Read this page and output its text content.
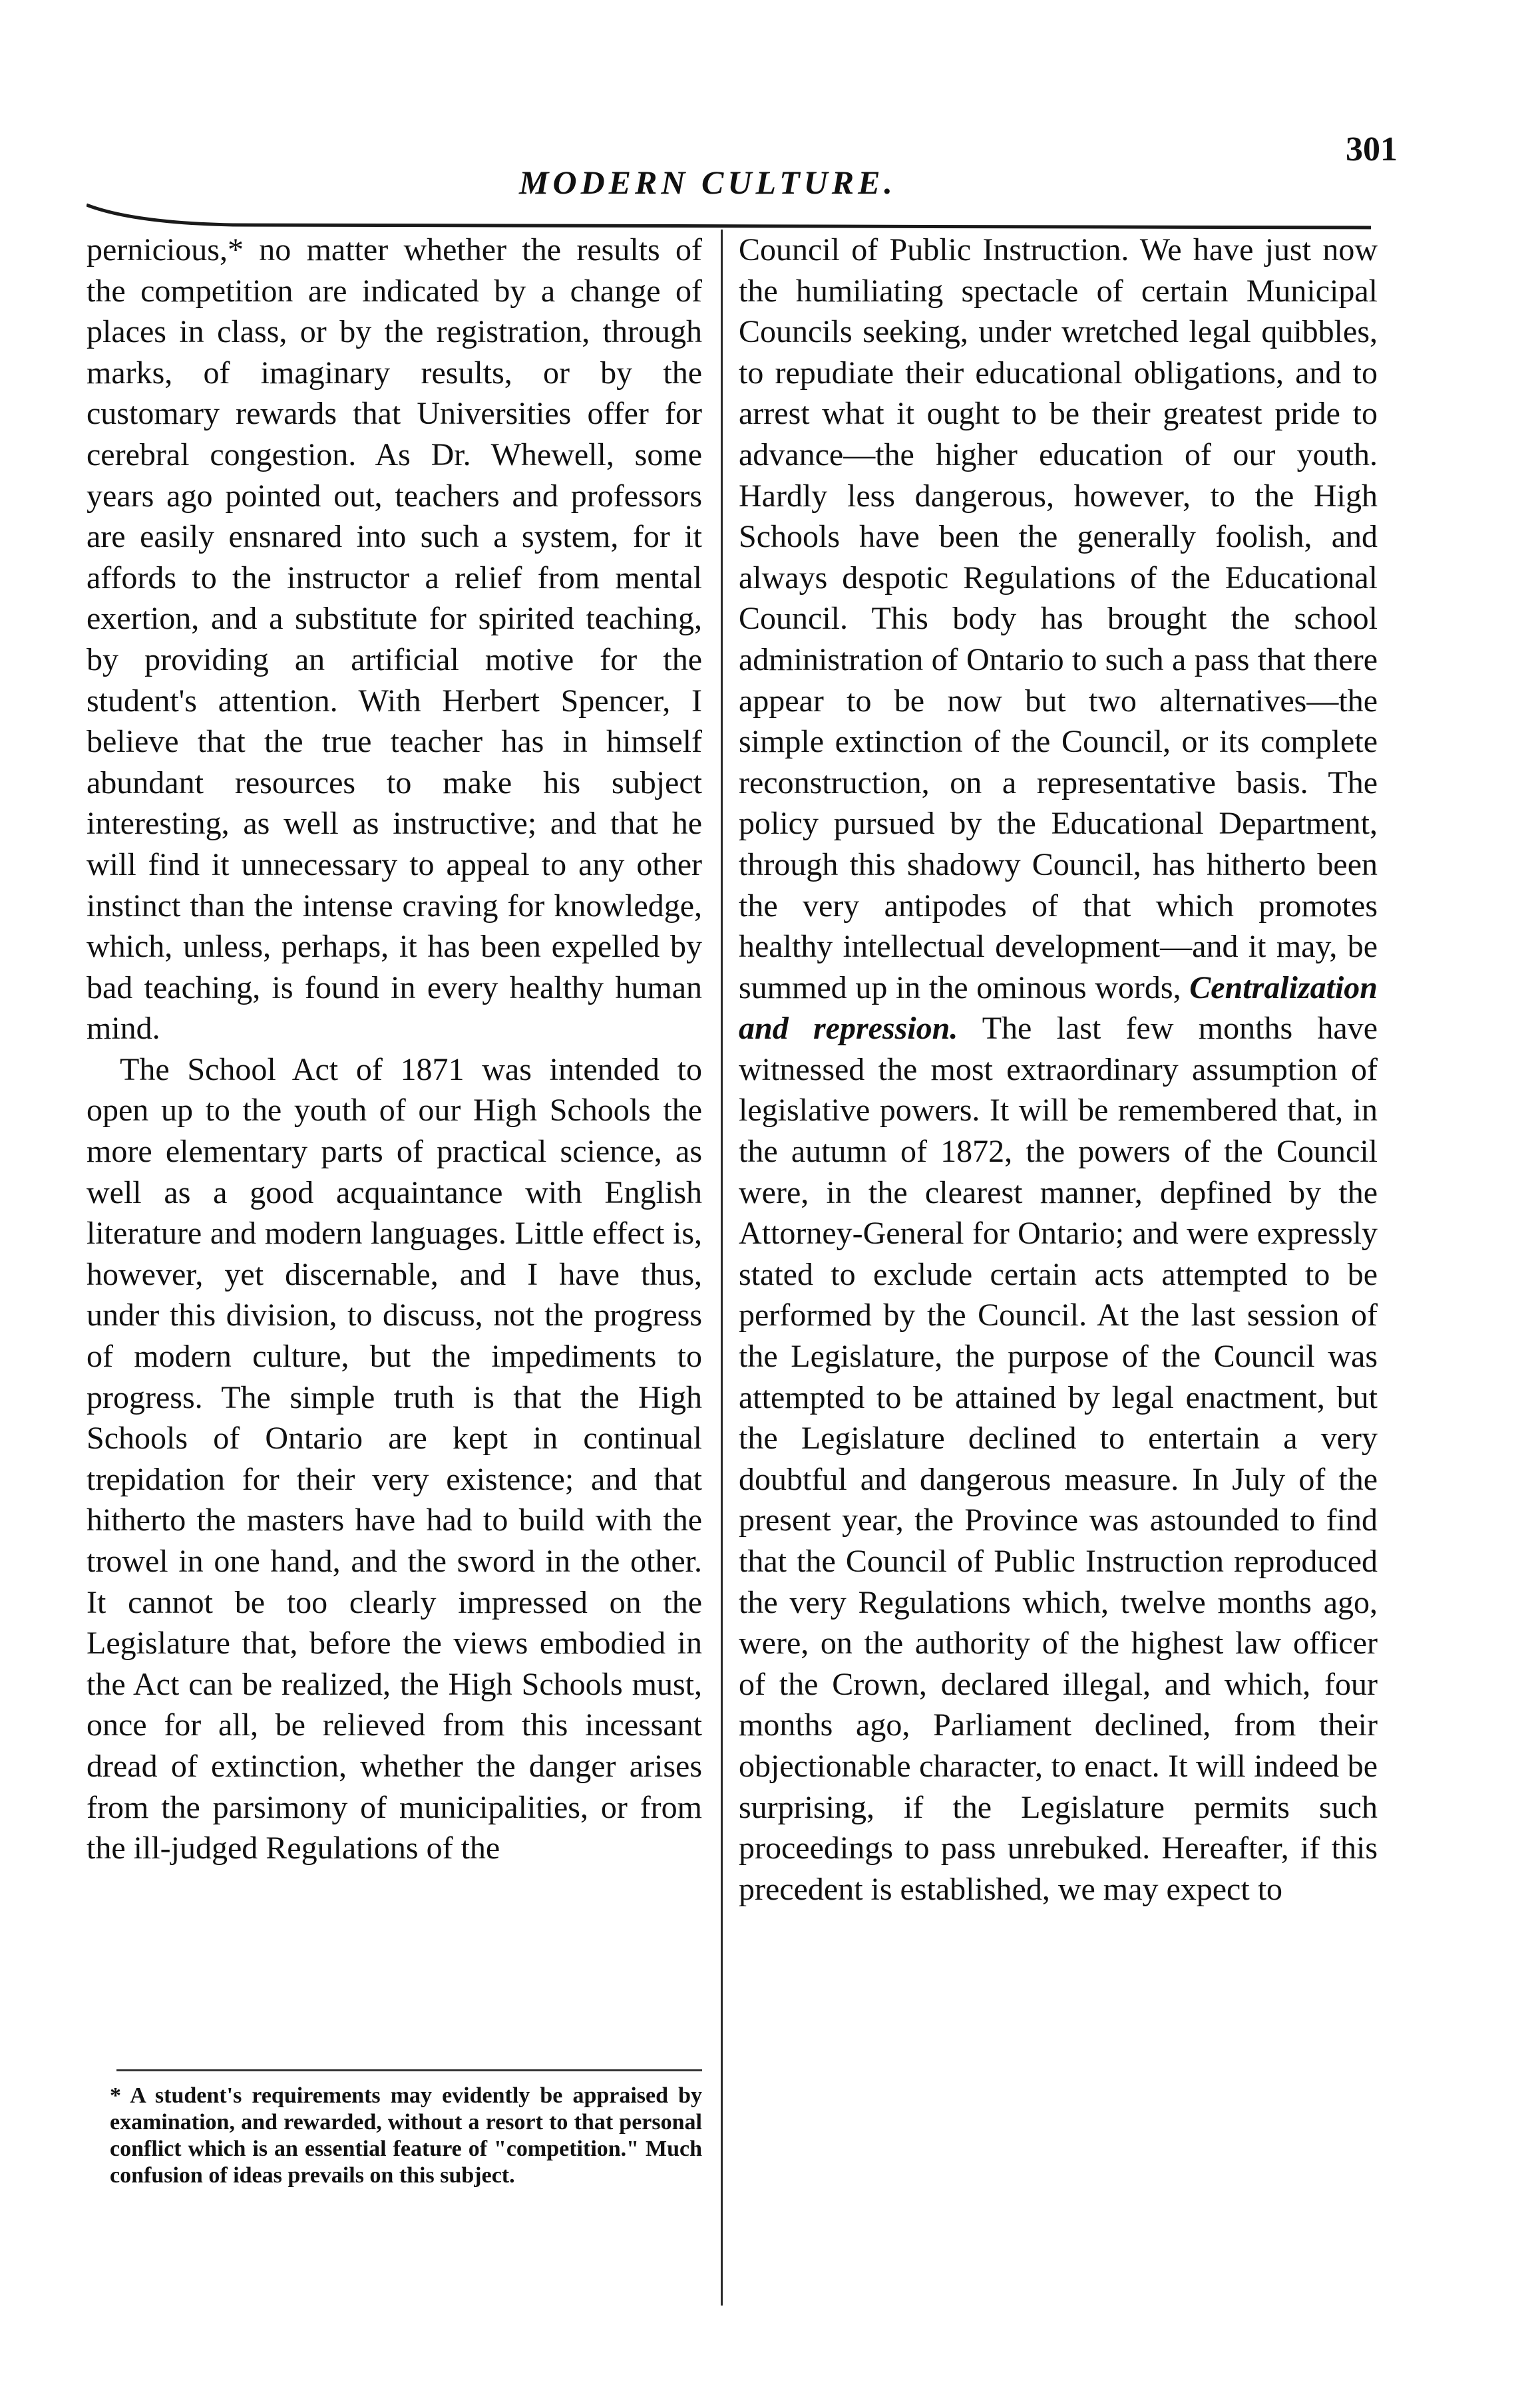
MODERN CULTURE.
301

pernicious,* no matter whether the results of the competition are indicated by a change of places in class, or by the registration, through marks, of imaginary results, or by the customary rewards that Universities offer for cerebral congestion. As Dr. Whewell, some years ago pointed out, teachers and professors are easily ensnared into such a system, for it affords to the instructor a relief from mental exertion, and a substitute for spirited teaching, by providing an artificial motive for the student's attention. With Herbert Spencer, I believe that the true teacher has in himself abundant resources to make his subject interesting, as well as instructive; and that he will find it unnecessary to appeal to any other instinct than the intense craving for knowledge, which, unless, perhaps, it has been expelled by bad teaching, is found in every healthy human mind.

The School Act of 1871 was intended to open up to the youth of our High Schools the more elementary parts of practical science, as well as a good acquaintance with English literature and modern languages. Little effect is, however, yet discernable, and I have thus, under this division, to discuss, not the progress of modern culture, but the impediments to progress. The simple truth is that the High Schools of Ontario are kept in continual trepidation for their very existence; and that hitherto the masters have had to build with the trowel in one hand, and the sword in the other. It cannot be too clearly impressed on the Legislature that, before the views embodied in the Act can be realized, the High Schools must, once for all, be relieved from this incessant dread of extinction, whether the danger arises from the parsimony of municipalities, or from the ill-judged Regulations of the

* A student's requirements may evidently be appraised by examination, and rewarded, without a resort to that personal conflict which is an essential feature of "competition." Much confusion of ideas prevails on this subject.

Council of Public Instruction. We have just now the humiliating spectacle of certain Municipal Councils seeking, under wretched legal quibbles, to repudiate their educational obligations, and to arrest what it ought to be their greatest pride to advance—the higher education of our youth. Hardly less dangerous, however, to the High Schools have been the generally foolish, and always despotic Regulations of the Educational Council. This body has brought the school administration of Ontario to such a pass that there appear to be now but two alternatives—the simple extinction of the Council, or its complete reconstruction, on a representative basis. The policy pursued by the Educational Department, through this shadowy Council, has hitherto been the very antipodes of that which promotes healthy intellectual development—and it may, be summed up in the ominous words, Centralization and repression. The last few months have witnessed the most extraordinary assumption of legislative powers. It will be remembered that, in the autumn of 1872, the powers of the Council were, in the clearest manner, depfined by the Attorney-General for Ontario; and were expressly stated to exclude certain acts attempted to be performed by the Council. At the last session of the Legislature, the purpose of the Council was attempted to be attained by legal enactment, but the Legislature declined to entertain a very doubtful and dangerous measure. In July of the present year, the Province was astounded to find that the Council of Public Instruction reproduced the very Regulations which, twelve months ago, were, on the authority of the highest law officer of the Crown, declared illegal, and which, four months ago, Parliament declined, from their objectionable character, to enact. It will indeed be surprising, if the Legislature permits such proceedings to pass unrebuked. Hereafter, if this precedent is established, we may expect to
